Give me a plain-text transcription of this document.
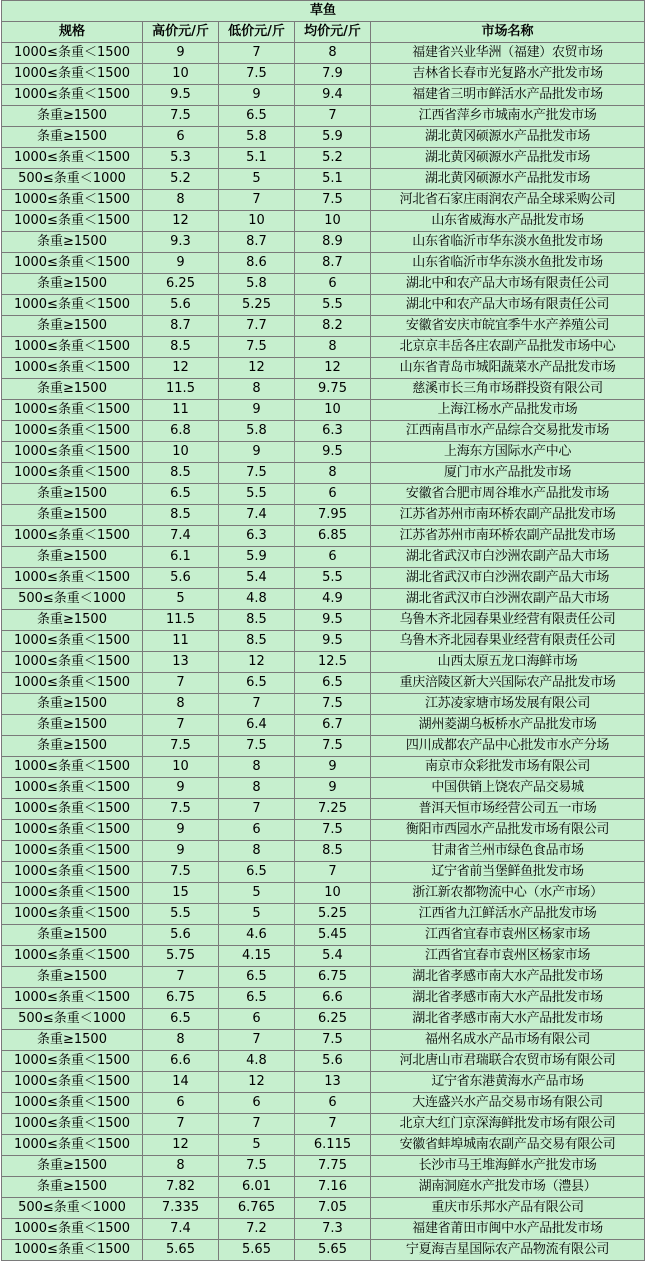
草鱼				
规格	高价元/斤	低价元/斤	均价元/斤	市场名称
1000≤条重＜1500	9	7	8	福建省兴业华洲（福建）农贸市场
1000≤条重＜1500	10	7.5	7.9	吉林省长春市光复路水产批发市场
1000≤条重＜1500	9.5	9	9.4	福建省三明市鲜活水产品批发市场
条重≥1500	7.5	6.5	7	江西省萍乡市城南水产批发市场
条重≥1500	6	5.8	5.9	湖北黄冈硕源水产品批发市场
1000≤条重＜1500	5.3	5.1	5.2	湖北黄冈硕源水产品批发市场
500≤条重＜1000	5.2	5	5.1	湖北黄冈硕源水产品批发市场
1000≤条重＜1500	8	7	7.5	河北省石家庄雨润农产品全球采购公司
1000≤条重＜1500	12	10	10	山东省威海水产品批发市场
条重≥1500	9.3	8.7	8.9	山东省临沂市华东淡水鱼批发市场
1000≤条重＜1500	9	8.6	8.7	山东省临沂市华东淡水鱼批发市场
条重≥1500	6.25	5.8	6	湖北中和农产品大市场有限责任公司
1000≤条重＜1500	5.6	5.25	5.5	湖北中和农产品大市场有限责任公司
条重≥1500	8.7	7.7	8.2	安徽省安庆市皖宜季牛水产养殖公司
1000≤条重＜1500	8.5	7.5	8	北京京丰岳各庄农副产品批发市场中心
1000≤条重＜1500	12	12	12	山东省青岛市城阳蔬菜水产品批发市场
条重≥1500	11.5	8	9.75	慈溪市长三角市场群投资有限公司
1000≤条重＜1500	11	9	10	上海江杨水产品批发市场
1000≤条重＜1500	6.8	5.8	6.3	江西南昌市水产品综合交易批发市场
1000≤条重＜1500	10	9	9.5	上海东方国际水产中心
1000≤条重＜1500	8.5	7.5	8	厦门市水产品批发市场
条重≥1500	6.5	5.5	6	安徽省合肥市周谷堆水产品批发市场
条重≥1500	8.5	7.4	7.95	江苏省苏州市南环桥农副产品批发市场
1000≤条重＜1500	7.4	6.3	6.85	江苏省苏州市南环桥农副产品批发市场
条重≥1500	6.1	5.9	6	湖北省武汉市白沙洲农副产品大市场
1000≤条重＜1500	5.6	5.4	5.5	湖北省武汉市白沙洲农副产品大市场
500≤条重＜1000	5	4.8	4.9	湖北省武汉市白沙洲农副产品大市场
条重≥1500	11.5	8.5	9.5	乌鲁木齐北园春果业经营有限责任公司
1000≤条重＜1500	11	8.5	9.5	乌鲁木齐北园春果业经营有限责任公司
1000≤条重＜1500	13	12	12.5	山西太原五龙口海鲜市场
1000≤条重＜1500	7	6.5	6.5	重庆涪陵区新大兴国际农产品批发市场
条重≥1500	8	7	7.5	江苏凌家塘市场发展有限公司
条重≥1500	7	6.4	6.7	湖州菱湖乌板桥水产品批发市场
条重≥1500	7.5	7.5	7.5	四川成都农产品中心批发市水产分场
1000≤条重＜1500	10	8	9	南京市众彩批发市场有限公司
1000≤条重＜1500	9	8	9	中国供销上饶农产品交易城
1000≤条重＜1500	7.5	7	7.25	普洱天恒市场经营公司五一市场
1000≤条重＜1500	9	6	7.5	衡阳市西园水产品批发市场有限公司
1000≤条重＜1500	9	8	8.5	甘肃省兰州市绿色食品市场
1000≤条重＜1500	7.5	6.5	7	辽宁省前当堡鲜鱼批发市场
1000≤条重＜1500	15	5	10	浙江新农都物流中心（水产市场）
1000≤条重＜1500	5.5	5	5.25	江西省九江鲜活水产品批发市场
条重≥1500	5.6	4.6	5.45	江西省宜春市袁州区杨家市场
1000≤条重＜1500	5.75	4.15	5.4	江西省宜春市袁州区杨家市场
条重≥1500	7	6.5	6.75	湖北省孝感市南大水产品批发市场
1000≤条重＜1500	6.75	6.5	6.6	湖北省孝感市南大水产品批发市场
500≤条重＜1000	6.5	6	6.25	湖北省孝感市南大水产品批发市场
条重≥1500	8	7	7.5	福州名成水产品市场有限公司
1000≤条重＜1500	6.6	4.8	5.6	河北唐山市君瑞联合农贸市场有限公司
1000≤条重＜1500	14	12	13	辽宁省东港黄海水产品市场
1000≤条重＜1500	6	6	6	大连盛兴水产品交易市场有限公司
1000≤条重＜1500	7	7	7	北京大红门京深海鲜批发市场有限公司
1000≤条重＜1500	12	5	6.115	安徽省蚌埠城南农副产品交易有限公司
条重≥1500	8	7.5	7.75	长沙市马王堆海鲜水产批发市场
条重≥1500	7.82	6.01	7.16	湖南洞庭水产批发市场（澧县）
500≤条重＜1000	7.335	6.765	7.05	重庆市乐邦水产品有限公司
1000≤条重＜1500	7.4	7.2	7.3	福建省莆田市闽中水产品批发市场
1000≤条重＜1500	5.65	5.65	5.65	宁夏海吉星国际农产品物流有限公司
